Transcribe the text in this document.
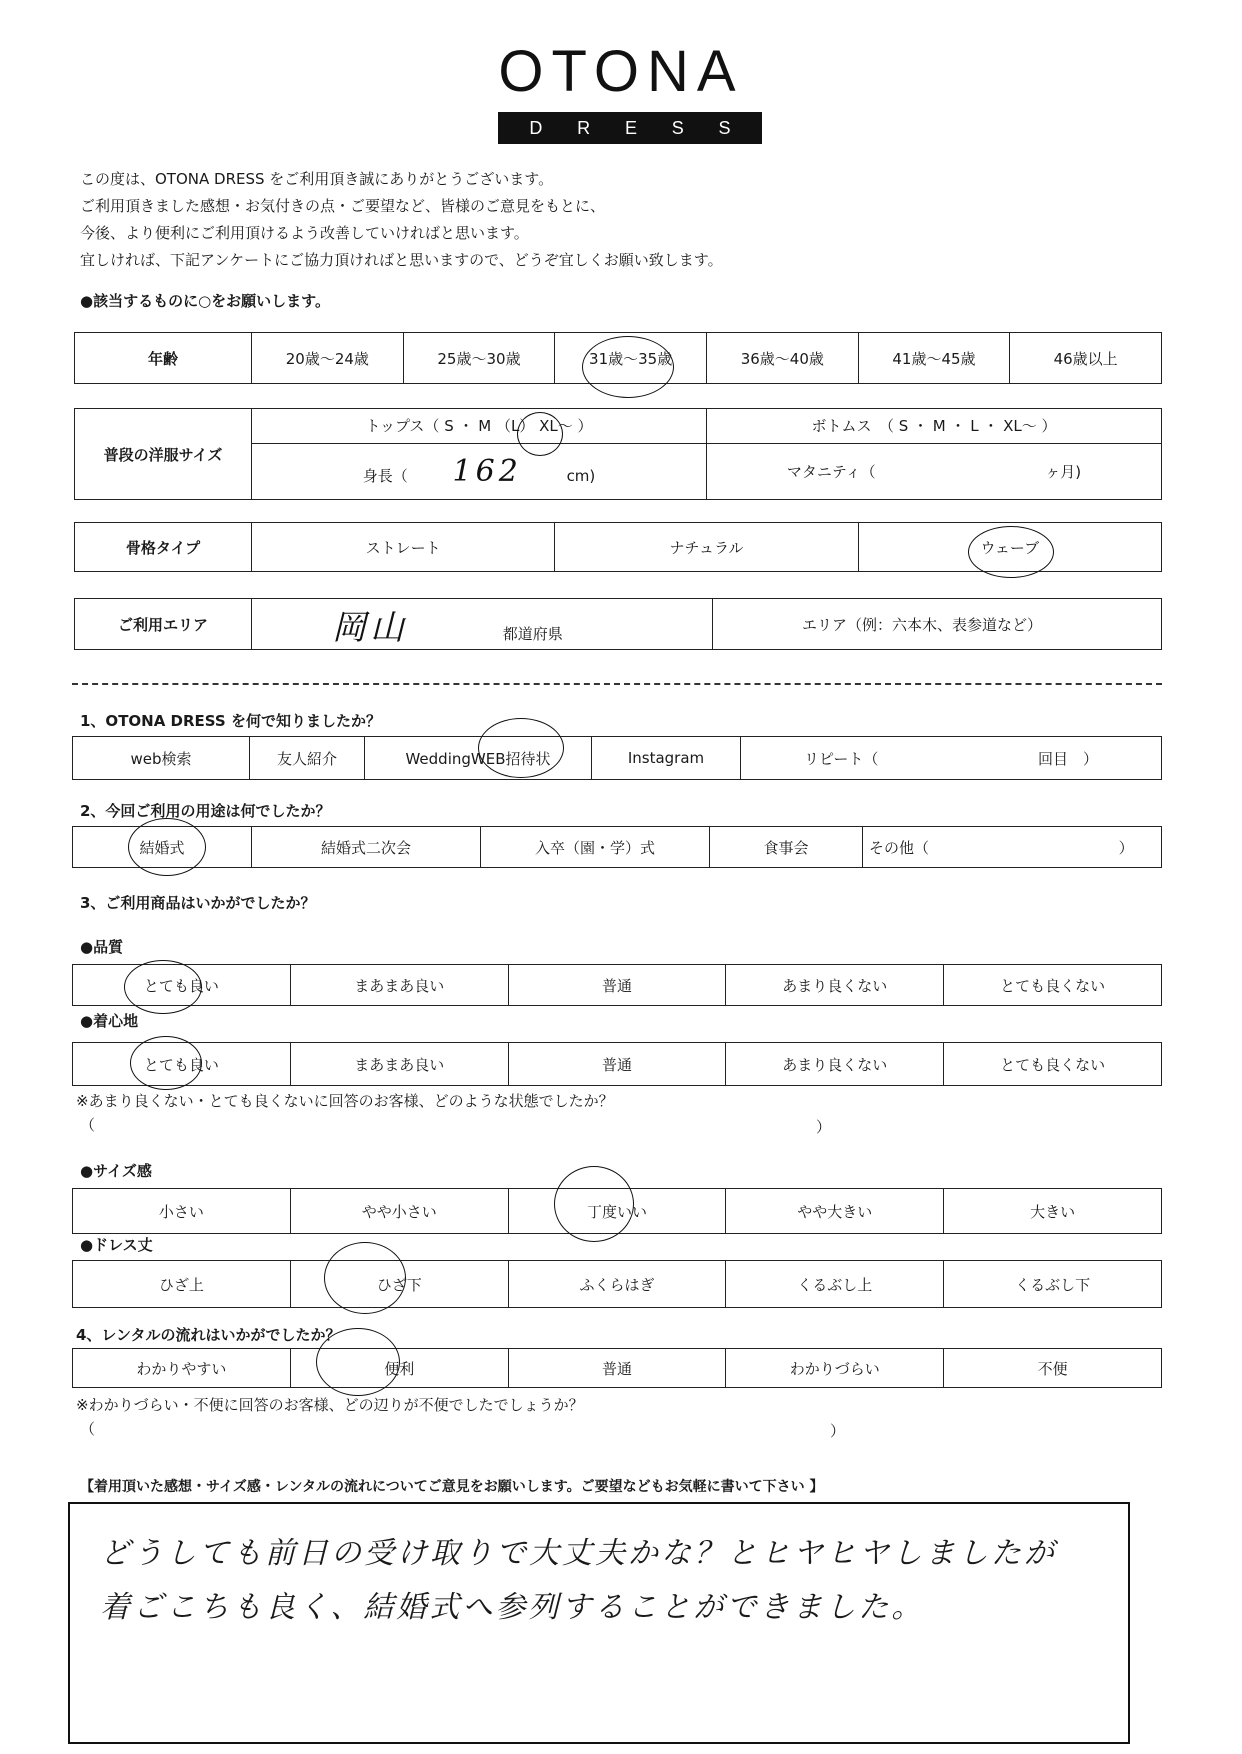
OTONA
D R E S S
この度は、OTONA DRESS をご利用頂き誠にありがとうございます。
ご利用頂きました感想・お気付きの点・ご要望など、皆様のご意見をもとに、
今後、より便利にご利用頂けるよう改善していければと思います。
宜しければ、下記アンケートにご協力頂ければと思いますので、どうぞ宜しくお願い致します。
●該当するものに○をお願いします。
年齢	20歳～24歳	25歳～30歳	31歳～35歳	36歳～40歳	41歳～45歳	46歳以上
普段の洋服サイズ	トップス（ S ・ M （L） XL～ ）	ボトムス　（ S ・ M ・ L ・ XL～ ）
	身長（ 162 cm)	マタニティ（ ヶ月)
骨格タイプ	ストレート	ナチュラル	ウェーブ
ご利用エリア	岡山	都道府県	エリア（例：六本木、表参道など）
1、OTONA DRESS を何で知りましたか？
web検索	友人紹介	WeddingWEB招待状	Instagram	リピート（	回目　）
2、今回ご利用の用途は何でしたか？
結婚式	結婚式二次会	入卒（園・学）式	食事会	その他（	）
3、ご利用商品はいかがでしたか？
●品質
とても良い	まあまあ良い	普通	あまり良くない	とても良くない
●着心地
とても良い	まあまあ良い	普通	あまり良くない	とても良くない
※あまり良くない・とても良くないに回答のお客様、どのような状態でしたか？
（	）
●サイズ感
小さい	やや小さい	丁度いい	やや大きい	大きい
●ドレス丈
ひざ上	ひざ下	ふくらはぎ	くるぶし上	くるぶし下
4、レンタルの流れはいかがでしたか？
わかりやすい	便利	普通	わかりづらい	不便
※わかりづらい・不便に回答のお客様、どの辺りが不便でしたでしょうか？
（	）
【着用頂いた感想・サイズ感・レンタルの流れについてご意見をお願いします。ご要望などもお気軽に書いて下さい 】
どうしても前日の受け取りで大丈夫かな？とヒヤヒヤしましたが
着ごこちも良く、結婚式へ参列することができました。
